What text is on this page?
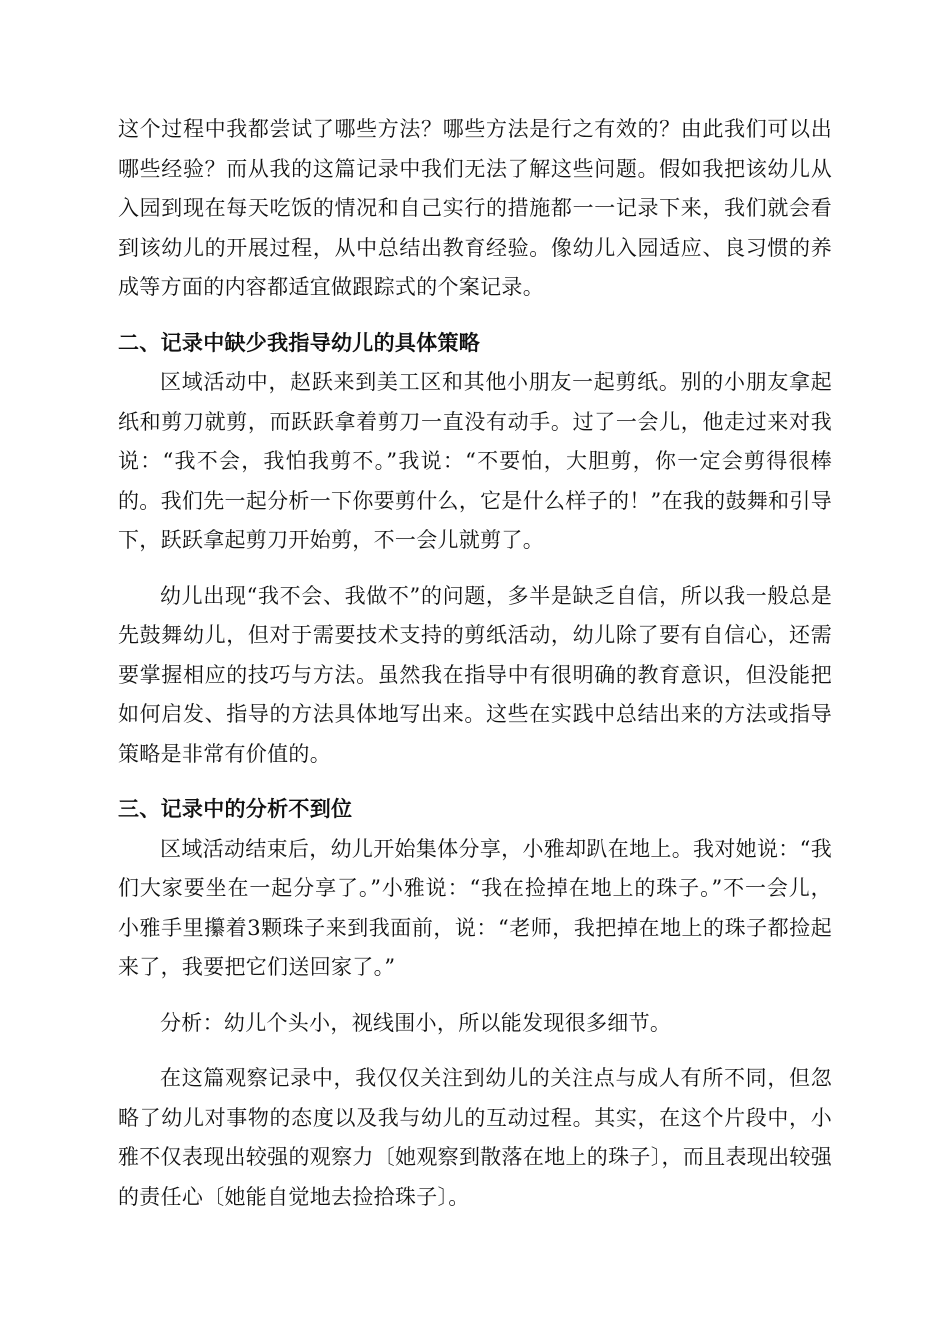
这个过程中我都尝试了哪些方法？哪些方法是行之有效的？由此我们可以出哪些经验？而从我的这篇记录中我们无法了解这些问题。假如我把该幼儿从入园到现在每天吃饭的情况和自己实行的措施都一一记录下来，我们就会看到该幼儿的开展过程，从中总结出教育经验。像幼儿入园适应、良习惯的养成等方面的内容都适宜做跟踪式的个案记录。

二、记录中缺少我指导幼儿的具体策略

区域活动中，赵跃来到美工区和其他小朋友一起剪纸。别的小朋友拿起纸和剪刀就剪，而跃跃拿着剪刀一直没有动手。过了一会儿，他走过来对我说：“我不会，我怕我剪不。”我说：“不要怕，大胆剪，你一定会剪得很棒的。我们先一起分析一下你要剪什么，它是什么样子的！”在我的鼓舞和引导下，跃跃拿起剪刀开始剪，不一会儿就剪了。

幼儿出现“我不会、我做不”的问题，多半是缺乏自信，所以我一般总是先鼓舞幼儿，但对于需要技术支持的剪纸活动，幼儿除了要有自信心，还需要掌握相应的技巧与方法。虽然我在指导中有很明确的教育意识，但没能把如何启发、指导的方法具体地写出来。这些在实践中总结出来的方法或指导策略是非常有价值的。

三、记录中的分析不到位

区域活动结束后，幼儿开始集体分享，小雅却趴在地上。我对她说：“我们大家要坐在一起分享了。”小雅说：“我在捡掉在地上的珠子。”不一会儿，小雅手里攥着3颗珠子来到我面前，说：“老师，我把掉在地上的珠子都捡起来了，我要把它们送回家了。”

分析：幼儿个头小，视线围小，所以能发现很多细节。

在这篇观察记录中，我仅仅关注到幼儿的关注点与成人有所不同，但忽略了幼儿对事物的态度以及我与幼儿的互动过程。其实，在这个片段中，小雅不仅表现出较强的观察力〔她观察到散落在地上的珠子〕，而且表现出较强的责任心〔她能自觉地去捡拾珠子〕。
